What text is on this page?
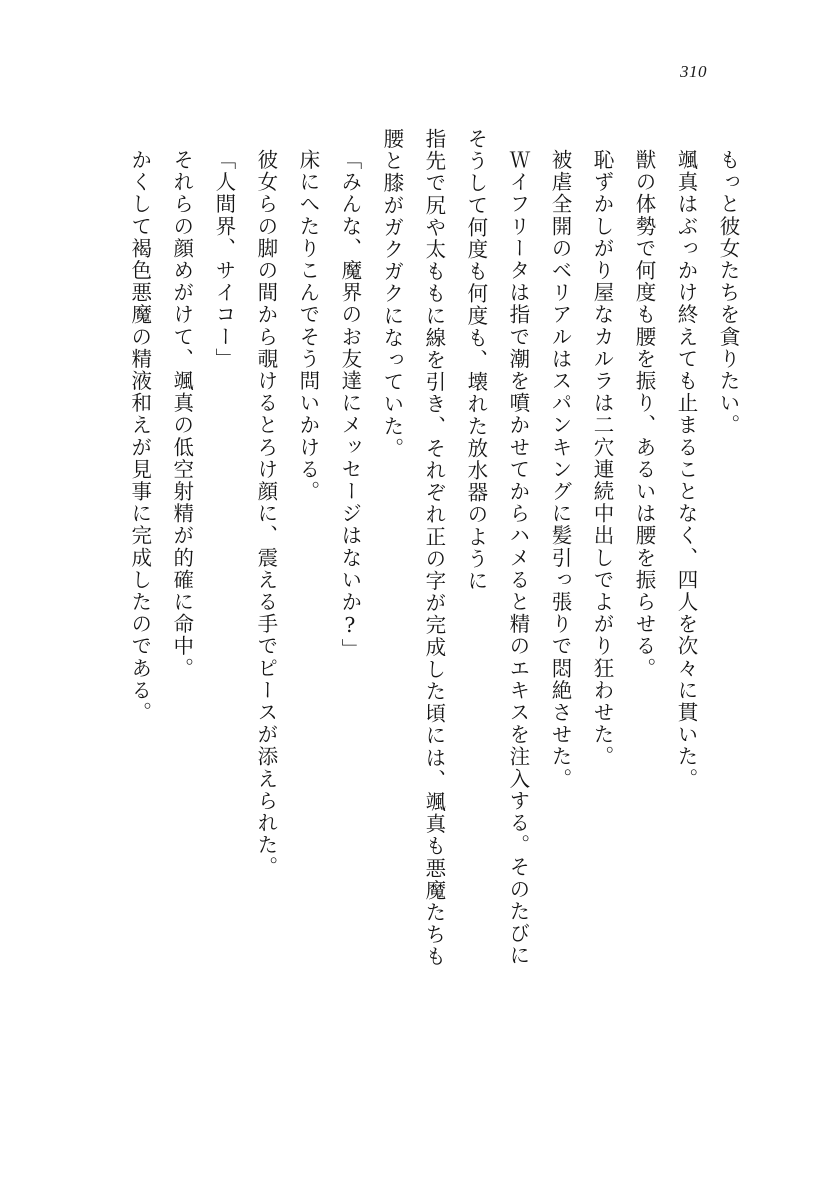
310

もっと彼女たちを貪りたい。

颯真はぶっかけ終えても止まることなく、四人を次々に貫いた。

獣の体勢で何度も腰を振り、あるいは腰を振らせる。

恥ずかしがり屋なカルラは二穴連続中出しでよがり狂わせた。

被虐全開のベリアルはスパンキングに髪引っ張りで悶絶させた。

Ｗイフリータは指で潮を噴かせてからハメると精のエキスを注入する。そのたびに

そうして何度も何度も、壊れた放水器のように

指先で尻や太ももに線を引き、それぞれ正の字が完成した頃には、颯真も悪魔たちも

腰と膝がガクガクになっていた。

「みんな、魔界のお友達にメッセージはないか?」

床にへたりこんでそう問いかける。

彼女らの脚の間から覗けるとろけ顔に、震える手でピースが添えられた。

「人間界、サイコー」

それらの顔めがけて、颯真の低空射精が的確に命中。

かくして褐色悪魔の精液和えが見事に完成したのである。
